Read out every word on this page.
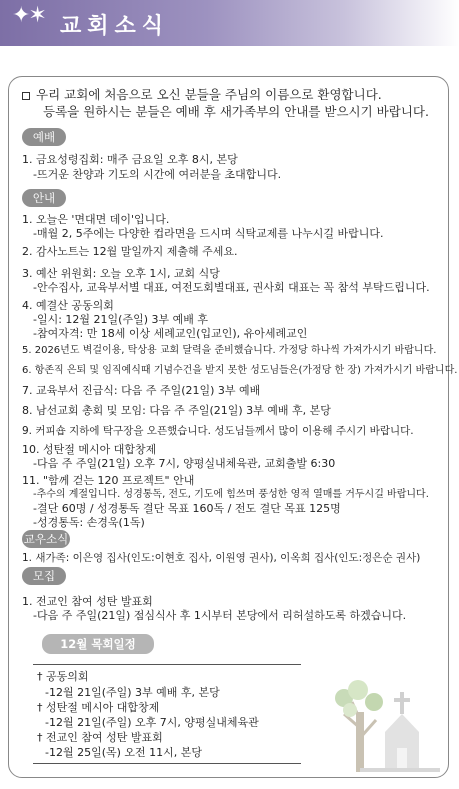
✦✶ 교회소식
우리 교회에 처음으로 오신 분들을 주님의 이름으로 환영합니다.
등록을 원하시는 분들은 예배 후 새가족부의 안내를 받으시기 바랍니다.
예배
1. 금요성령집회: 매주 금요일 오후 8시, 본당
-뜨거운 찬양과 기도의 시간에 여러분을 초대합니다.
안내
1. 오늘은 '면대면 데이'입니다.
-매월 2, 5주에는 다양한 컵라면을 드시며 식탁교제를 나누시길 바랍니다.
2. 감사노트는 12월 말일까지 제출해 주세요.
3. 예산 위원회: 오늘 오후 1시, 교회 식당
-안수집사, 교육부서별 대표, 여전도회별대표, 권사회 대표는 꼭 참석 부탁드립니다.
4. 예결산 공동의회
-일시: 12월 21일(주일) 3부 예배 후
-참여자격: 만 18세 이상 세례교인(입교인), 유아세례교인
5. 2026년도 벽걸이용, 탁상용 교회 달력을 준비했습니다. 가정당 하나씩 가져가시기 바랍니다.
6. 항존직 은퇴 및 임직예식때 기념수건을 받지 못한 성도님들은(가정당 한 장) 가져가시기 바랍니다.
7. 교육부서 진급식: 다음 주 주일(21일) 3부 예배
8. 남선교회 총회 및 모임: 다음 주 주일(21일) 3부 예배 후, 본당
9. 커피숍 지하에 탁구장을 오픈했습니다. 성도님들께서 많이 이용해 주시기 바랍니다.
10. 성탄절 메시아 대합창제
-다음 주 주일(21일) 오후 7시, 양평실내체육관, 교회출발 6:30
11. "함께 걷는 120 프로젝트" 안내
-추수의 계절입니다. 성경통독, 전도, 기도에 힘쓰며 풍성한 영적 열매를 거두시길 바랍니다.
-결단 60명 / 성경통독 결단 목표 160독 / 전도 결단 목표 125명
-성경통독: 손경욱(1독)
교우소식
1. 새가족: 이은영 집사(인도:이현호 집사, 이원영 권사), 이옥희 집사(인도:정은순 권사)
모집
1. 전교인 참여 성탄 발표회
-다음 주 주일(21일) 점심식사 후 1시부터 본당에서 리허설하도록 하겠습니다.
12월 목회일정
† 공동의회
-12월 21일(주일) 3부 예배 후, 본당
† 성탄절 메시아 대합창제
-12월 21일(주일) 오후 7시, 양평실내체육관
† 전교인 참여 성탄 발표회
-12월 25일(목) 오전 11시, 본당
